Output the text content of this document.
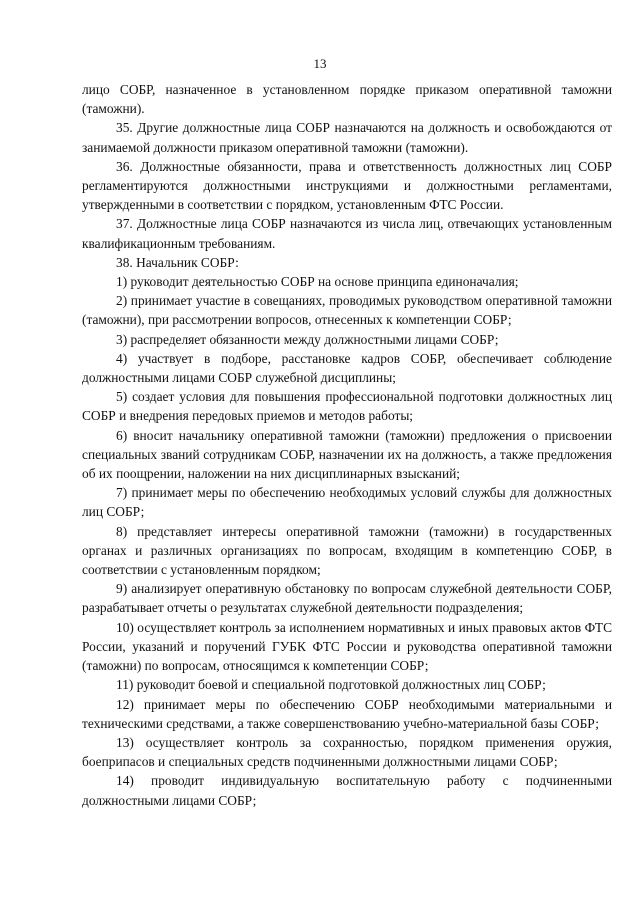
13

лицо СОБР, назначенное в установленном порядке приказом оперативной таможни (таможни).

35. Другие должностные лица СОБР назначаются на должность и освобождаются от занимаемой должности приказом оперативной таможни (таможни).

36. Должностные обязанности, права и ответственность должностных лиц СОБР регламентируются должностными инструкциями и должностными регламентами, утвержденными в соответствии с порядком, установленным ФТС России.

37. Должностные лица СОБР назначаются из числа лиц, отвечающих установленным квалификационным требованиям.

38. Начальник СОБР:

1) руководит деятельностью СОБР на основе принципа единоначалия;

2) принимает участие в совещаниях, проводимых руководством оперативной таможни (таможни), при рассмотрении вопросов, отнесенных к компетенции СОБР;

3) распределяет обязанности между должностными лицами СОБР;

4) участвует в подборе, расстановке кадров СОБР, обеспечивает соблюдение должностными лицами СОБР служебной дисциплины;

5) создает условия для повышения профессиональной подготовки должностных лиц СОБР и внедрения передовых приемов и методов работы;

6) вносит начальнику оперативной таможни (таможни) предложения о присвоении специальных званий сотрудникам СОБР, назначении их на должность, а также предложения об их поощрении, наложении на них дисциплинарных взысканий;

7) принимает меры по обеспечению необходимых условий службы для должностных лиц СОБР;

8) представляет интересы оперативной таможни (таможни) в государственных органах и различных организациях по вопросам, входящим в компетенцию СОБР, в соответствии с установленным порядком;

9) анализирует оперативную обстановку по вопросам служебной деятельности СОБР, разрабатывает отчеты о результатах служебной деятельности подразделения;

10) осуществляет контроль за исполнением нормативных и иных правовых актов ФТС России, указаний и поручений ГУБК ФТС России и руководства оперативной таможни (таможни) по вопросам, относящимся к компетенции СОБР;

11) руководит боевой и специальной подготовкой должностных лиц СОБР;

12) принимает меры по обеспечению СОБР необходимыми материальными и техническими средствами, а также совершенствованию учебно-материальной базы СОБР;

13) осуществляет контроль за сохранностью, порядком применения оружия, боеприпасов и специальных средств подчиненными должностными лицами СОБР;

14) проводит индивидуальную воспитательную работу с подчиненными должностными лицами СОБР;
